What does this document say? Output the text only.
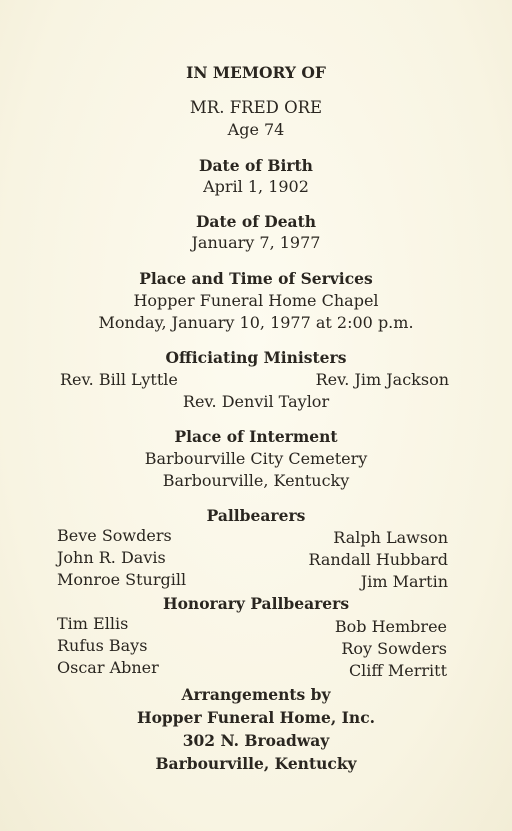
IN MEMORY OF
MR. FRED ORE
Age 74
Date of Birth
April 1, 1902
Date of Death
January 7, 1977
Place and Time of Services
Hopper Funeral Home Chapel
Monday, January 10, 1977 at 2:00 p.m.
Officiating Ministers
Rev. Bill Lyttle	Rev. Jim Jackson
Rev. Denvil Taylor
Place of Interment
Barbourville City Cemetery
Barbourville, Kentucky
Pallbearers
Beve Sowders	Ralph Lawson
John R. Davis	Randall Hubbard
Monroe Sturgill	Jim Martin
Honorary Pallbearers
Tim Ellis	Bob Hembree
Rufus Bays	Roy Sowders
Oscar Abner	Cliff Merritt
Arrangements by
Hopper Funeral Home, Inc.
302 N. Broadway
Barbourville, Kentucky
